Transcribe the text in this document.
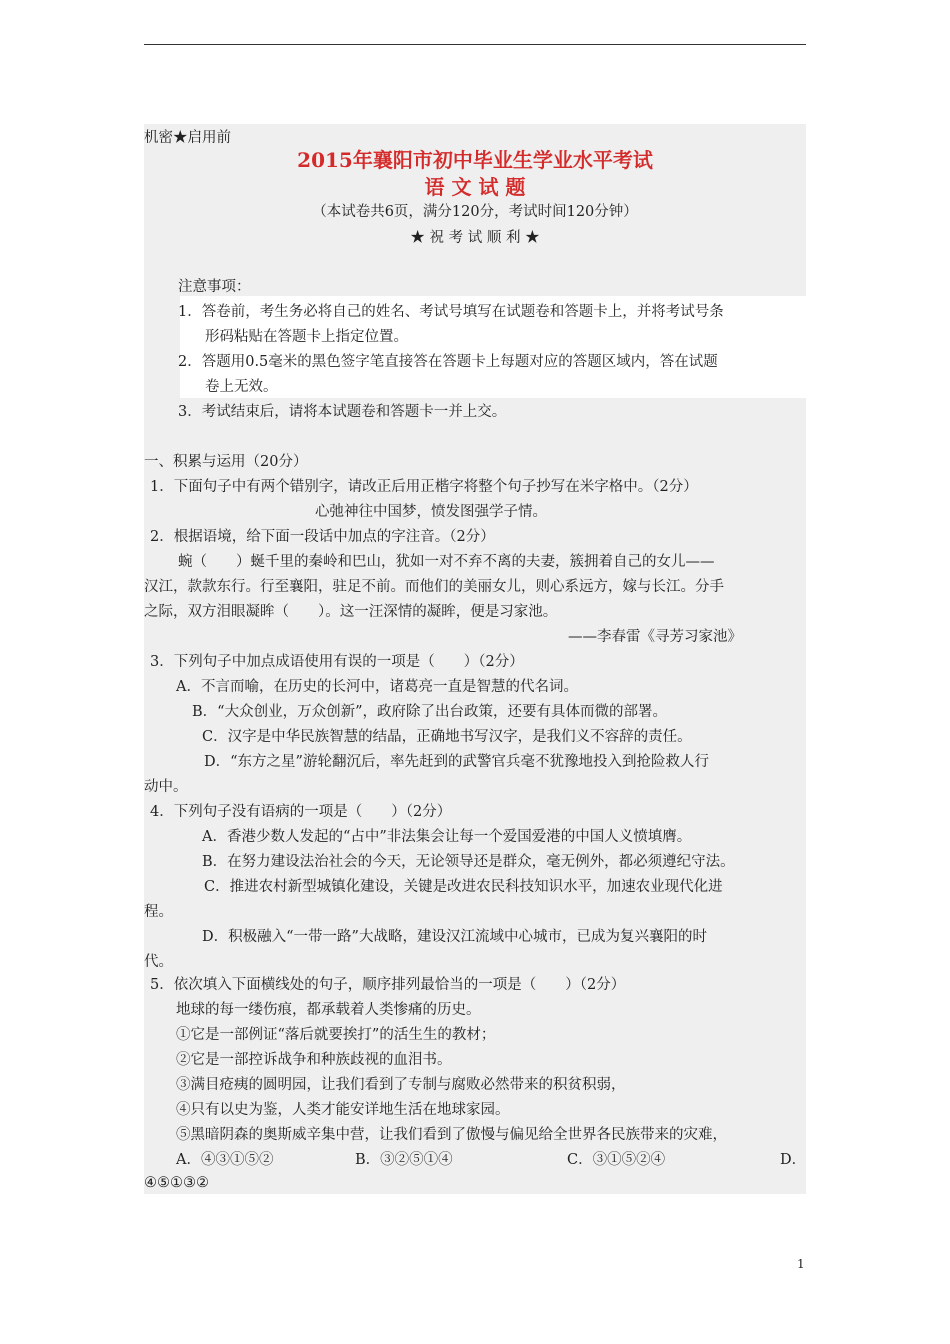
机密★启用前
2015年襄阳市初中毕业生学业水平考试
语 文 试 题
（本试卷共6页，满分120分，考试时间120分钟）
★ 祝 考 试 顺 利 ★
注意事项：
1．答卷前，考生务必将自己的姓名、考试号填写在试题卷和答题卡上，并将考试号条
形码粘贴在答题卡上指定位置。
2．答题用0.5毫米的黑色签字笔直接答在答题卡上每题对应的答题区域内，答在试题
卷上无效。
3．考试结束后，请将本试题卷和答题卡一并上交。
一、积累与运用（20分）
1．下面句子中有两个错别字，请改正后用正楷字将整个句子抄写在米字格中。（2分）
心弛神往中国梦，愤发图强学子情。
2．根据语境，给下面一段话中加点的字注音。（2分）
蜿（　　）蜒千里的秦岭和巴山，犹如一对不弃不离的夫妻，簇拥着自己的女儿——
汉江，款款东行。行至襄阳，驻足不前。而他们的美丽女儿，则心系远方，嫁与长江。分手
之际，双方泪眼凝眸（　　）。这一汪深情的凝眸，便是习家池。
——李春雷《寻芳习家池》
3．下列句子中加点成语使用有误的一项是（　　）（2分）
A．不言而喻，在历史的长河中，诸葛亮一直是智慧的代名词。
B．“大众创业，万众创新”，政府除了出台政策，还要有具体而微的部署。
C．汉字是中华民族智慧的结晶，正确地书写汉字，是我们义不容辞的责任。
D．“东方之星”游轮翻沉后，率先赶到的武警官兵毫不犹豫地投入到抢险救人行
动中。
4．下列句子没有语病的一项是（　　）（2分）
A．香港少数人发起的“占中”非法集会让每一个爱国爱港的中国人义愤填膺。
B．在努力建设法治社会的今天，无论领导还是群众，毫无例外，都必须遵纪守法。
C．推进农村新型城镇化建设，关键是改进农民科技知识水平，加速农业现代化进
程。
D．积极融入“一带一路”大战略，建设汉江流域中心城市，已成为复兴襄阳的时
代。
5．依次填入下面横线处的句子，顺序排列最恰当的一项是（　　）（2分）
地球的每一缕伤痕，都承载着人类惨痛的历史。
①它是一部例证“落后就要挨打”的活生生的教材；
②它是一部控诉战争和种族歧视的血泪书。
③满目疮痍的圆明园，让我们看到了专制与腐败必然带来的积贫积弱，
④只有以史为鉴，人类才能安详地生活在地球家园。
⑤黑暗阴森的奥斯威辛集中营，让我们看到了傲慢与偏见给全世界各民族带来的灾难，
A．④③①⑤②	B．③②⑤①④	C．③①⑤②④	D．
④⑤①③②
1
